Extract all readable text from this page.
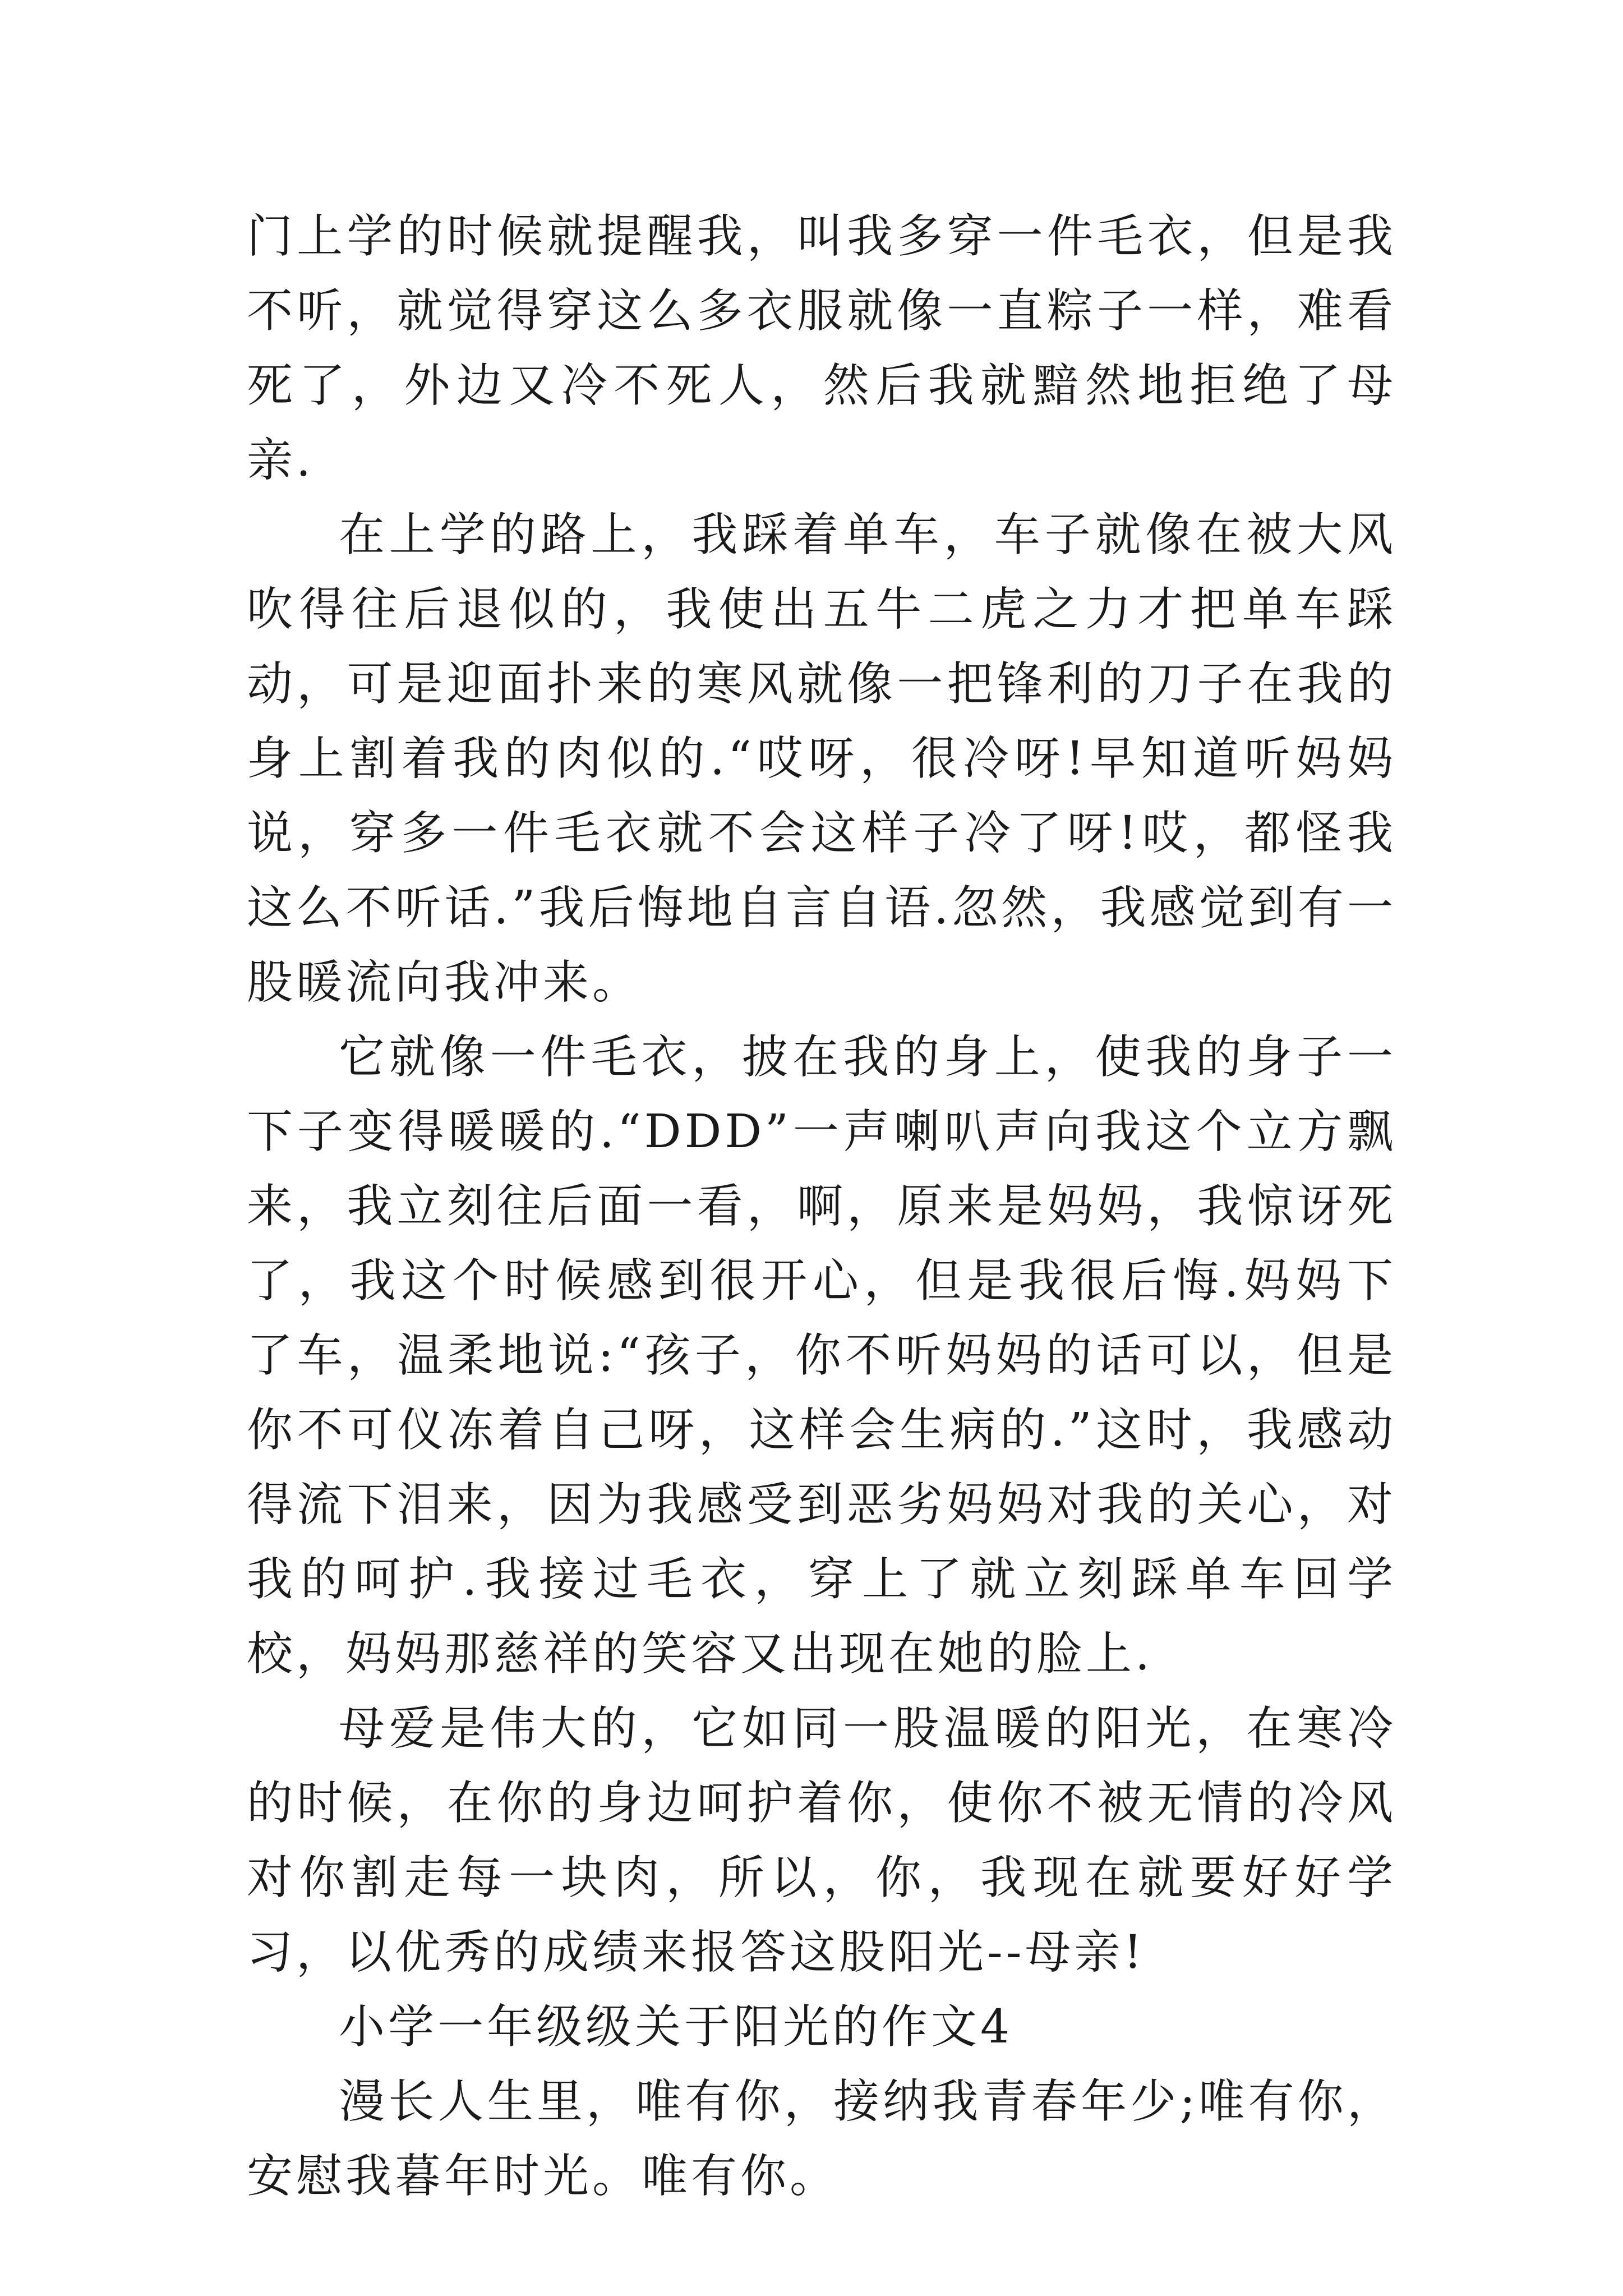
门上学的时候就提醒我，叫我多穿一件毛衣，但是我不听，就觉得穿这么多衣服就像一直粽子一样，难看死了，外边又冷不死人，然后我就黯然地拒绝了母亲.

在上学的路上，我踩着单车，车子就像在被大风吹得往后退似的，我使出五牛二虎之力才把单车踩动，可是迎面扑来的寒风就像一把锋利的刀子在我的身上割着我的肉似的.“哎呀，很冷呀!早知道听妈妈说，穿多一件毛衣就不会这样子冷了呀!哎，都怪我这么不听话.”我后悔地自言自语.忽然，我感觉到有一股暖流向我冲来。

它就像一件毛衣，披在我的身上，使我的身子一下子变得暖暖的.“DDD”一声喇叭声向我这个立方飘来，我立刻往后面一看，啊，原来是妈妈，我惊讶死了，我这个时候感到很开心，但是我很后悔.妈妈下了车，温柔地说:“孩子，你不听妈妈的话可以，但是你不可仪冻着自己呀，这样会生病的.”这时，我感动得流下泪来，因为我感受到恶劣妈妈对我的关心，对我的呵护.我接过毛衣，穿上了就立刻踩单车回学校，妈妈那慈祥的笑容又出现在她的脸上.

母爱是伟大的，它如同一股温暖的阳光，在寒冷的时候，在你的身边呵护着你，使你不被无情的冷风对你割走每一块肉，所以，你，我现在就要好好学习，以优秀的成绩来报答这股阳光--母亲!

小学一年级级关于阳光的作文4

漫长人生里，唯有你，接纳我青春年少;唯有你，安慰我暮年时光。唯有你。
